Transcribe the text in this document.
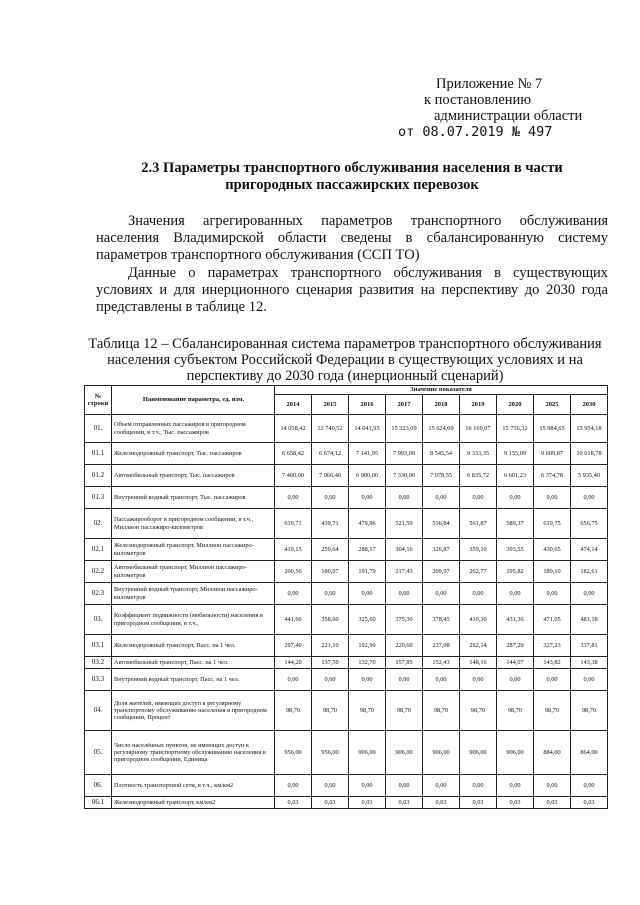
Приложение № 7
к постановлению
администрации области
от 08.07.2019 № 497
2.3 Параметры транспортного обслуживания населения в части пригородных пассажирских перевозок

Значения агрегированных параметров транспортного обслуживания населения Владимирской области сведены в сбалансированную систему параметров транспортного обслуживания (ССП ТО)

Данные о параметрах транспортного обслуживания в существующих условиях и для инерционного сценария развития на перспективу до 2030 года представлены в таблице 12.

Таблица 12 – Сбалансированная система параметров транспортного обслуживания населения субъектом Российской Федерации в существующих условиях и на перспективу до 2030 года (инерционный сценарий)
№ строки	Наименование параметра, ед. изм.	Значение показателя								
		2014	2015	2016	2017	2018	2019	2020	2025	2030
01.	Объем отправленных пассажиров в пригородном сообщении, в т.ч., Тыс. пассажиров	14 058,42	13 740,52	14 041,95	15 323,09	15 624,09	16 169,07	15 756,32	15 984,65	15 954,18
01.1	Железнодорожный транспорт, Тыс. пассажиров	6 658,42	6 674,12	7 141,95	7 993,09	8 545,54	9 333,35	9 155,09	9 609,87	10 018,78
01.2	Автомобильный транспорт, Тыс. пассажиров	7 400,00	7 066,40	6 900,00	7 330,00	7 078,55	6 835,72	6 601,23	6 374,78	5 935,40
01.3	Внутренний водный транспорт, Тыс. пассажиров	0,00	0,00	0,00	0,00	0,00	0,00	0,00	0,00	0,00
02.	Пассажирооборот в пригородном сообщении, в т.ч., Миллион пассажиро-километров	619,71	439,71	479,96	521,59	536,84	561,87	589,37	619,75	656,75
02.1	Железнодорожный транспорт, Миллион пассажиро-километров	419,15	259,64	288,17	304,16	326,87	359,10	393,55	430,65	474,14
02.2	Автомобильный транспорт, Миллион пассажиро-километров	200,56	180,07	191,79	217,43	209,97	202,77	195,82	189,10	182,61
02.3	Внутренний водный транспорт, Миллион пассажиро-километров	0,00	0,00	0,00	0,00	0,00	0,00	0,00	0,00	0,00
03.	Коэффициент подвижности (мобильности) населения в пригородном сообщении, в т.ч.,	441,60	358,60	325,60	375,30	378,45	410,30	431,36	471,05	481,18
03.1	Железнодорожный транспорт, Пасс. на 1 чел.	297,40	221,10	192,90	220,60	237,08	262,14	287,29	327,23	337,81
03.2	Автомобильный транспорт, Пасс. на 1 чел.	144,20	137,50	132,70	157,85	152,43	148,16	144,07	143,82	143,38
03.3	Внутренний водный транспорт, Пасс. на 1 чел.	0,00	0,00	0,00	0,00	0,00	0,00	0,00	0,00	0,00
04.	Доля жителей, имеющих доступ к регулярному транспортному обслуживанию населения в пригородном сообщении, Процент	98,70	98,70	98,70	98,70	98,70	98,70	98,70	98,70	98,70
05.	Число населённых пунктов, не имеющих доступ к регулярному транспортному обслуживанию населения в пригородном сообщении, Единица	956,00	956,00	906,00	906,00	906,00	906,00	906,00	884,00	864,00
06.	Плотность транспортной сети, в т.ч., км/км2	0,00	0,00	0,00	0,00	0,00	0,00	0,00	0,00	0,00
06.1	Железнодорожный транспорт, км/км2	0,03	0,03	0,03	0,03	0,03	0,03	0,03	0,03	0,03
